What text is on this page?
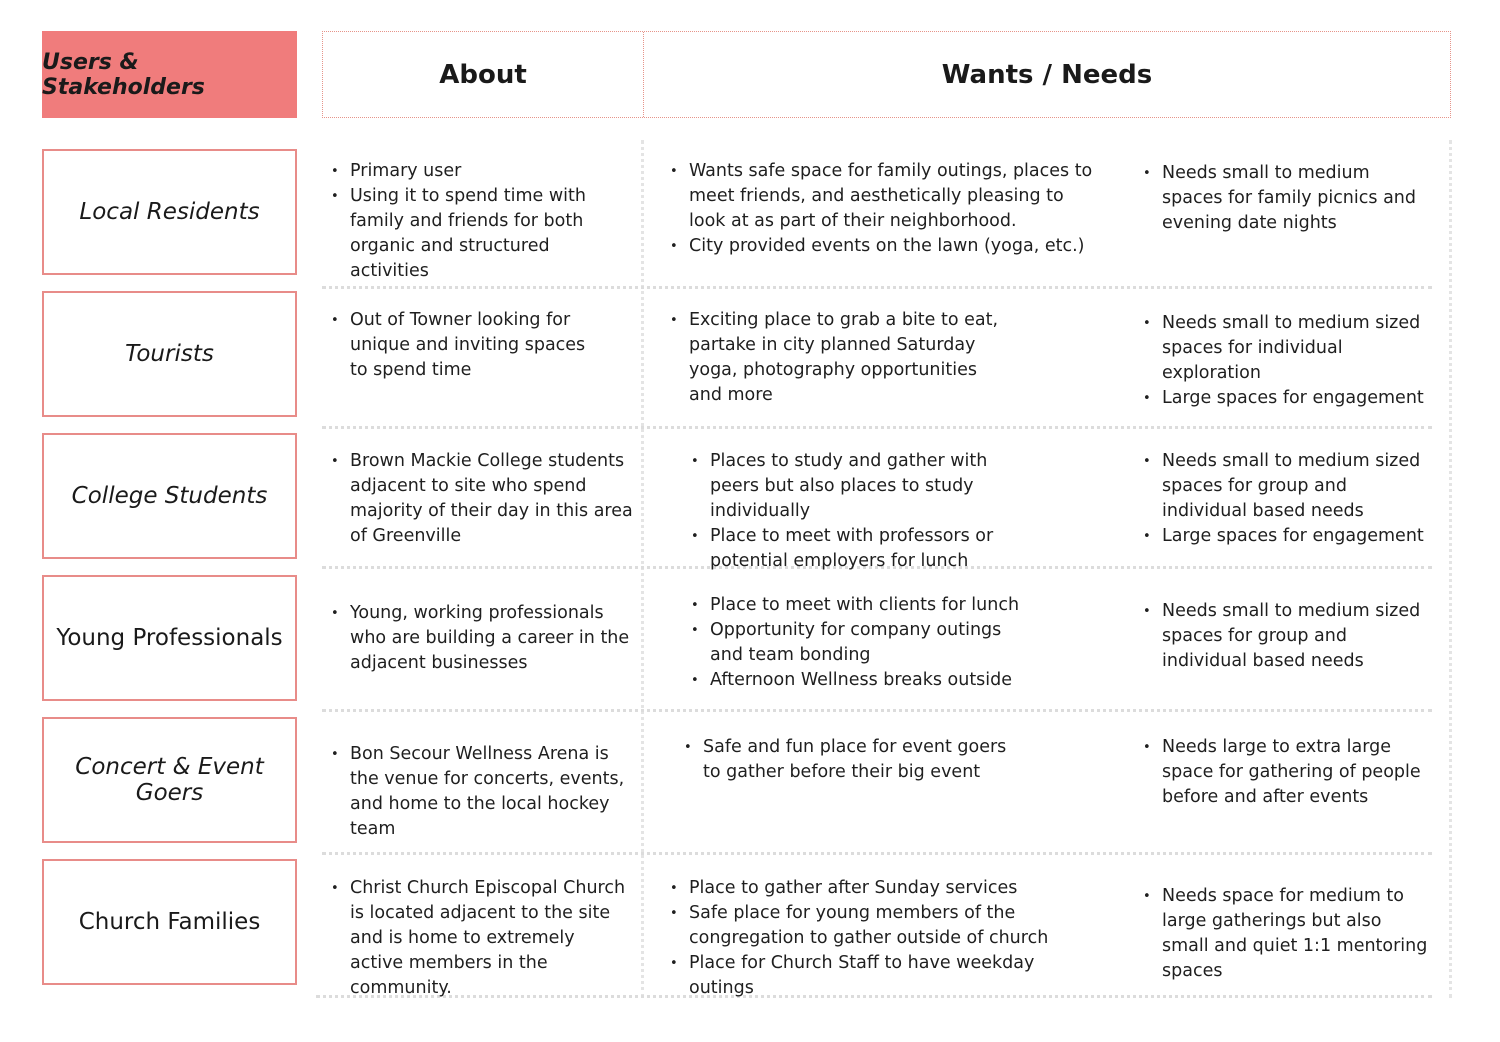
Users & Stakeholders	About	Wants / Needs
Local Residents
Tourists
College Students
Young Professionals
Concert & Event Goers
Church Families
• Primary user
• Using it to spend time with family and friends for both organic and structured activities
• Wants safe space for family outings, places to meet friends, and aesthetically pleasing to look at as part of their neighborhood.
• City provided events on the lawn (yoga, etc.)
• Needs small to medium spaces for family picnics and evening date nights
• Out of Towner looking for unique and inviting spaces to spend time
• Exciting place to grab a bite to eat, partake in city planned Saturday yoga, photography opportunities and more
• Needs small to medium sized spaces for individual exploration
• Large spaces for engagement
• Brown Mackie College students adjacent to site who spend majority of their day in this area of Greenville
• Places to study and gather with peers but also places to study individually
• Place to meet with professors or potential employers for lunch
• Needs small to medium sized spaces for group and individual based needs
• Large spaces for engagement
• Young, working professionals who are building a career in the adjacent businesses
• Place to meet with clients for lunch
• Opportunity for company outings and team bonding
• Afternoon Wellness breaks outside
• Needs small to medium sized spaces for group and individual based needs
• Bon Secour Wellness Arena is the venue for concerts, events, and home to the local hockey team
• Safe and fun place for event goers to gather before their big event
• Needs large to extra large space for gathering of people before and after events
• Christ Church Episcopal Church is located adjacent to the site and is home to extremely active members in the community.
• Place to gather after Sunday services
• Safe place for young members of the congregation to gather outside of church
• Place for Church Staff to have weekday outings
• Needs space for medium to large gatherings but also small and quiet 1:1 mentoring spaces
